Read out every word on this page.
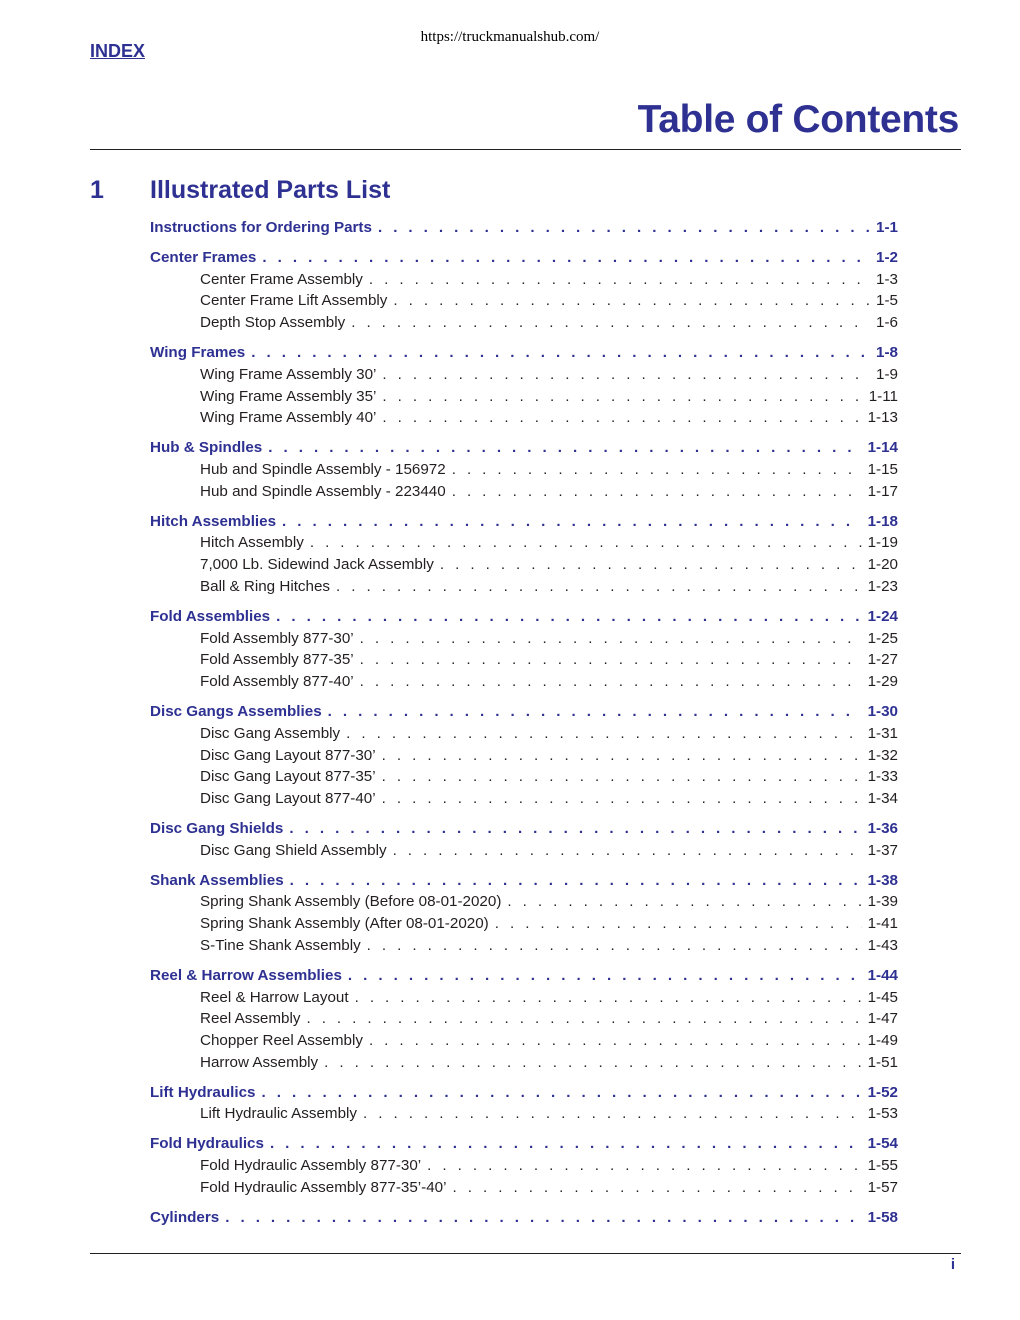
https://truckmanualshub.com/
INDEX
Table of Contents
1 Illustrated Parts List
Instructions for Ordering Parts . . .	1-1
Center Frames . . .	1-2
Center Frame Assembly . . .	1-3
Center Frame Lift Assembly . . .	1-5
Depth Stop Assembly . . .	1-6
Wing Frames . . .	1-8
Wing Frame Assembly 30’ . . .	1-9
Wing Frame Assembly 35’ . . .	1-11
Wing Frame Assembly 40’ . . .	1-13
Hub & Spindles . . .	1-14
Hub and Spindle Assembly - 156972 . . .	1-15
Hub and Spindle Assembly - 223440 . . .	1-17
Hitch Assemblies . . .	1-18
Hitch Assembly . . .	1-19
7,000 Lb. Sidewind Jack Assembly . . .	1-20
Ball & Ring Hitches . . .	1-23
Fold Assemblies . . .	1-24
Fold Assembly 877-30’ . . .	1-25
Fold Assembly 877-35’ . . .	1-27
Fold Assembly 877-40’ . . .	1-29
Disc Gangs Assemblies . . .	1-30
Disc Gang Assembly . . .	1-31
Disc Gang Layout 877-30’ . . .	1-32
Disc Gang Layout 877-35’ . . .	1-33
Disc Gang Layout 877-40’ . . .	1-34
Disc Gang Shields . . .	1-36
Disc Gang Shield Assembly . . .	1-37
Shank Assemblies . . .	1-38
Spring Shank Assembly (Before 08-01-2020) . . .	1-39
Spring Shank Assembly (After 08-01-2020) . . .	1-41
S-Tine Shank Assembly . . .	1-43
Reel & Harrow Assemblies . . .	1-44
Reel & Harrow Layout . . .	1-45
Reel Assembly . . .	1-47
Chopper Reel Assembly . . .	1-49
Harrow Assembly . . .	1-51
Lift Hydraulics . . .	1-52
Lift Hydraulic Assembly . . .	1-53
Fold Hydraulics . . .	1-54
Fold Hydraulic Assembly 877-30’ . . .	1-55
Fold Hydraulic Assembly 877-35’-40’ . . .	1-57
Cylinders . . .	1-58
i
